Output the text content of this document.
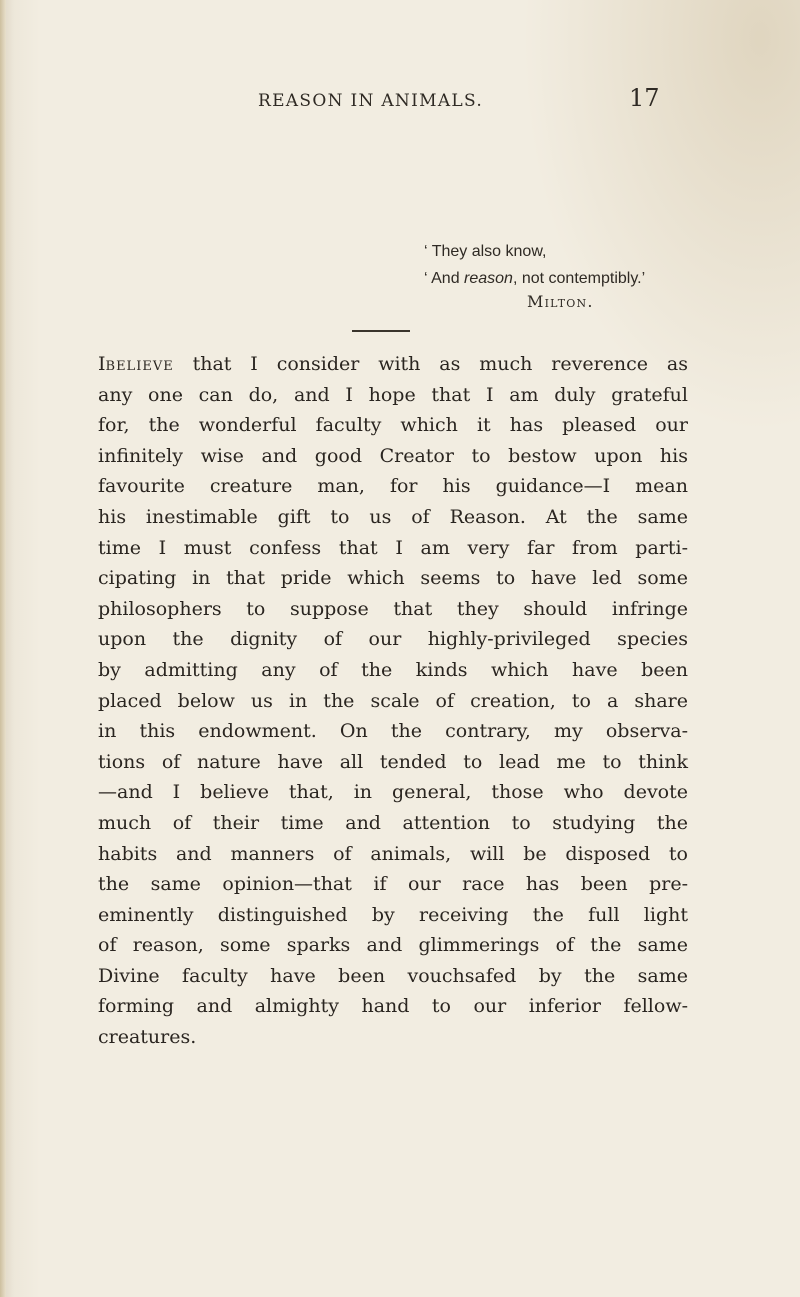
REASON IN ANIMALS.	17
‘ They also know,
‘ And reason, not contemptibly.’
Milton.
Ibelieve that I consider with as much reverence as
any one can do, and I hope that I am duly grateful
for, the wonderful faculty which it has pleased our
infinitely wise and good Creator to bestow upon his
favourite creature man, for his guidance—I mean
his inestimable gift to us of Reason. At the same
time I must confess that I am very far from parti-
cipating in that pride which seems to have led some
philosophers to suppose that they should infringe
upon the dignity of our highly-privileged species
by admitting any of the kinds which have been
placed below us in the scale of creation, to a share
in this endowment. On the contrary, my observa-
tions of nature have all tended to lead me to think
—and I believe that, in general, those who devote
much of their time and attention to studying the
habits and manners of animals, will be disposed to
the same opinion—that if our race has been pre-
eminently distinguished by receiving the full light
of reason, some sparks and glimmerings of the same
Divine faculty have been vouchsafed by the same
forming and almighty hand to our inferior fellow-
creatures.
